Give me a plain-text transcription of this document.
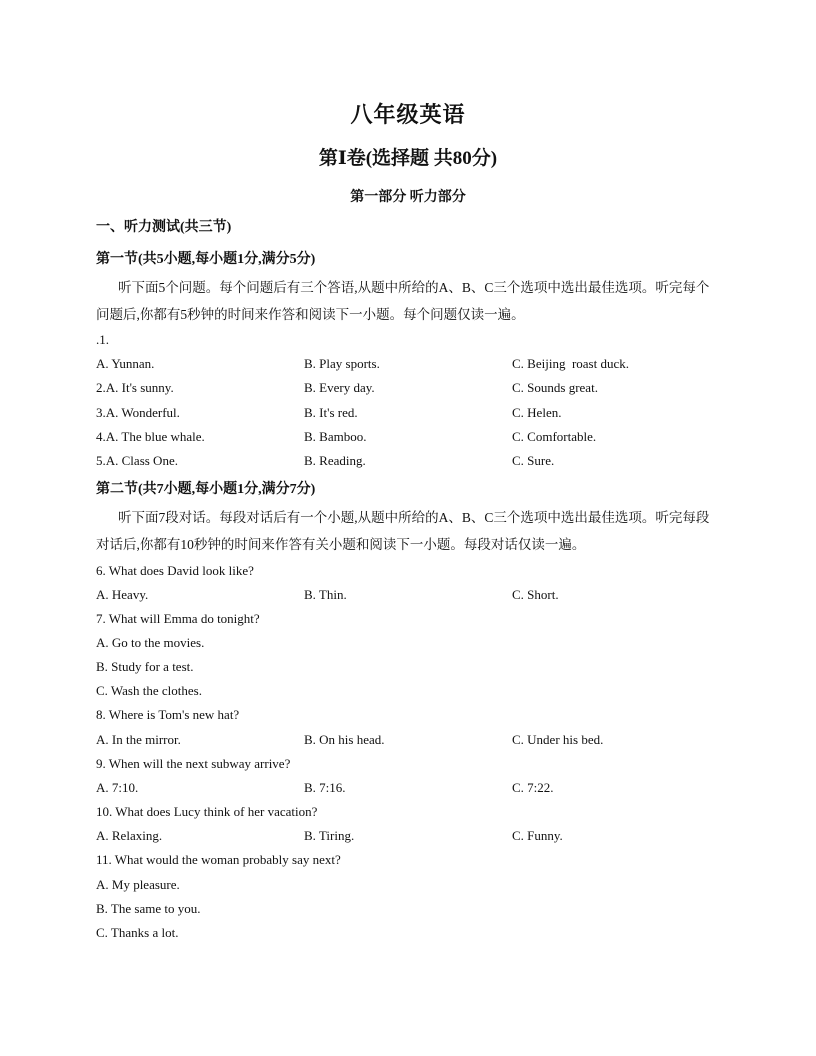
八年级英语
第Ⅰ卷(选择题 共80分)
第一部分 听力部分
一、听力测试(共三节)
第一节(共5小题,每小题1分,满分5分)
听下面5个问题。每个问题后有三个答语,从题中所给的A、B、C三个选项中选出最佳选项。听完每个问题后,你都有5秒钟的时间来作答和阅读下一小题。每个问题仅读一遍。
.1.
A. Yunnan.	B. Play sports.	C. Beijing  roast duck.
2.A. It's sunny.	B. Every day.	C. Sounds great.
3.A. Wonderful.	B. It's red.	C. Helen.
4.A. The blue whale.	B. Bamboo.	C. Comfortable.
5.A. Class One.	B. Reading.	C. Sure.
第二节(共7小题,每小题1分,满分7分)
听下面7段对话。每段对话后有一个小题,从题中所给的A、B、C三个选项中选出最佳选项。听完每段对话后,你都有10秒钟的时间来作答有关小题和阅读下一小题。每段对话仅读一遍。
6. What does David look like?
A. Heavy.	B. Thin.	C. Short.
7. What will Emma do tonight?
A. Go to the movies.
B. Study for a test.
C. Wash the clothes.
8. Where is Tom's new hat?
A. In the mirror.	B. On his head.	C. Under his bed.
9. When will the next subway arrive?
A. 7:10.	B. 7:16.	C. 7:22.
10. What does Lucy think of her vacation?
A. Relaxing.	B. Tiring.	C. Funny.
11. What would the woman probably say next?
A. My pleasure.
B. The same to you.
C. Thanks a lot.
